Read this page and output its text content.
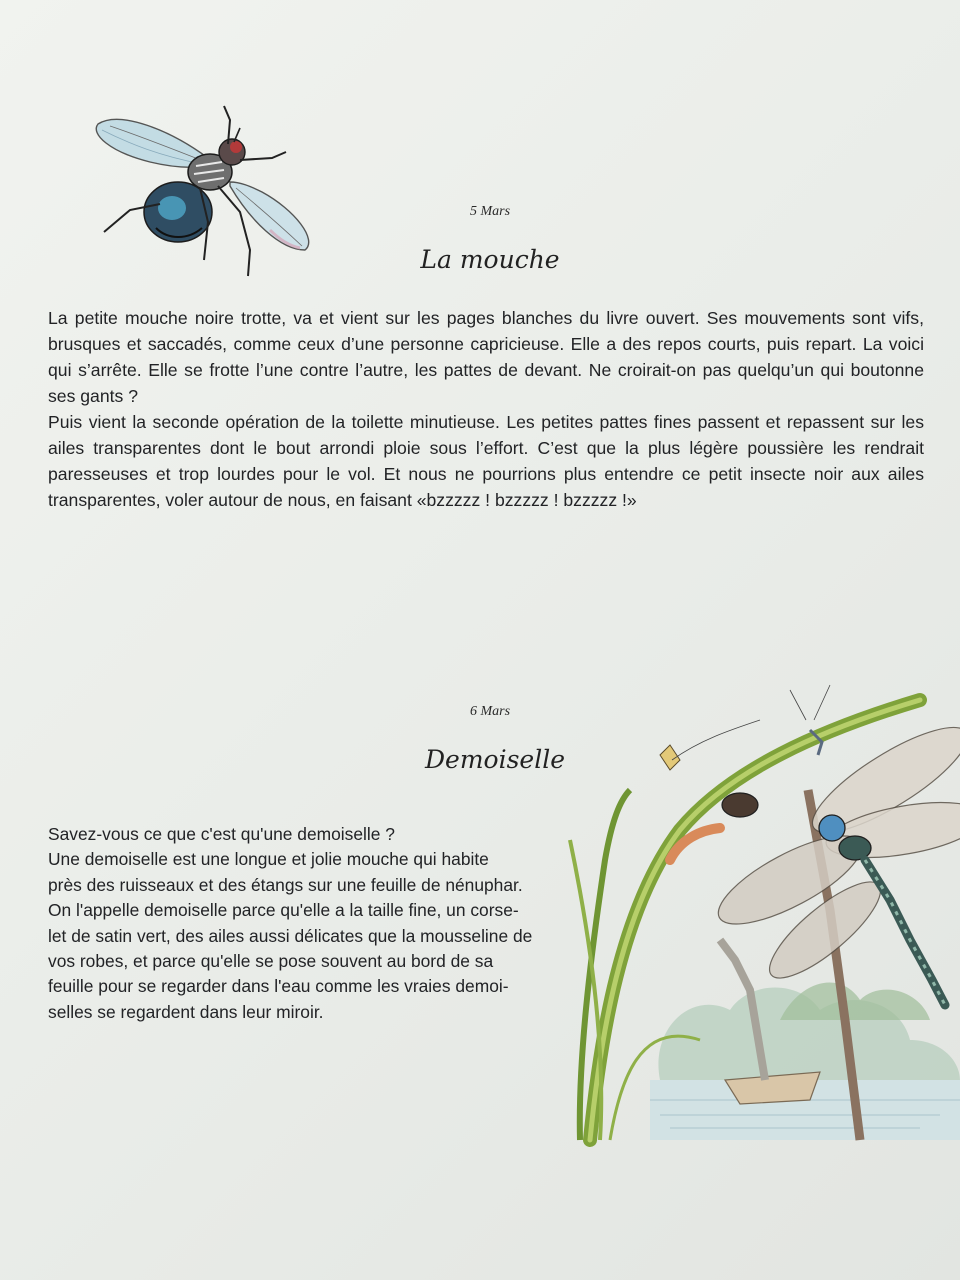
5 Mars
La mouche

La petite mouche noire trotte, va et vient sur les pages blanches du livre ouvert. Ses mouvements sont vifs, brusques et saccadés, comme ceux d’une personne capricieuse. Elle a des repos courts, puis repart. La voici qui s’arrête. Elle se frotte l’une contre l’autre, les pattes de devant. Ne croirait-on pas quelqu’un qui boutonne ses gants ?

Puis vient la seconde opération de la toilette minutieuse. Les petites pattes fines passent et repassent sur les ailes transparentes dont le bout arrondi ploie sous l’effort. C’est que la plus légère poussière les rendrait paresseuses et trop lourdes pour le vol. Et nous ne pourrions plus entendre ce petit insecte noir aux ailes transparentes, voler autour de nous, en faisant «bzzzzz ! bzzzzz ! bzzzzz !»

6 Mars
Demoiselle

Savez-vous ce que c'est qu'une demoiselle ?

Une demoiselle est une longue et jolie mouche qui habite

près des ruisseaux et des étangs sur une feuille de nénuphar.

On l'appelle demoiselle parce qu'elle a la taille fine, un corse-

let de satin vert, des ailes aussi délicates que la mousseline de

vos robes, et parce qu'elle se pose souvent au bord de sa

feuille pour se regarder dans l'eau comme les vraies demoi-

selles se regardent dans leur miroir.
